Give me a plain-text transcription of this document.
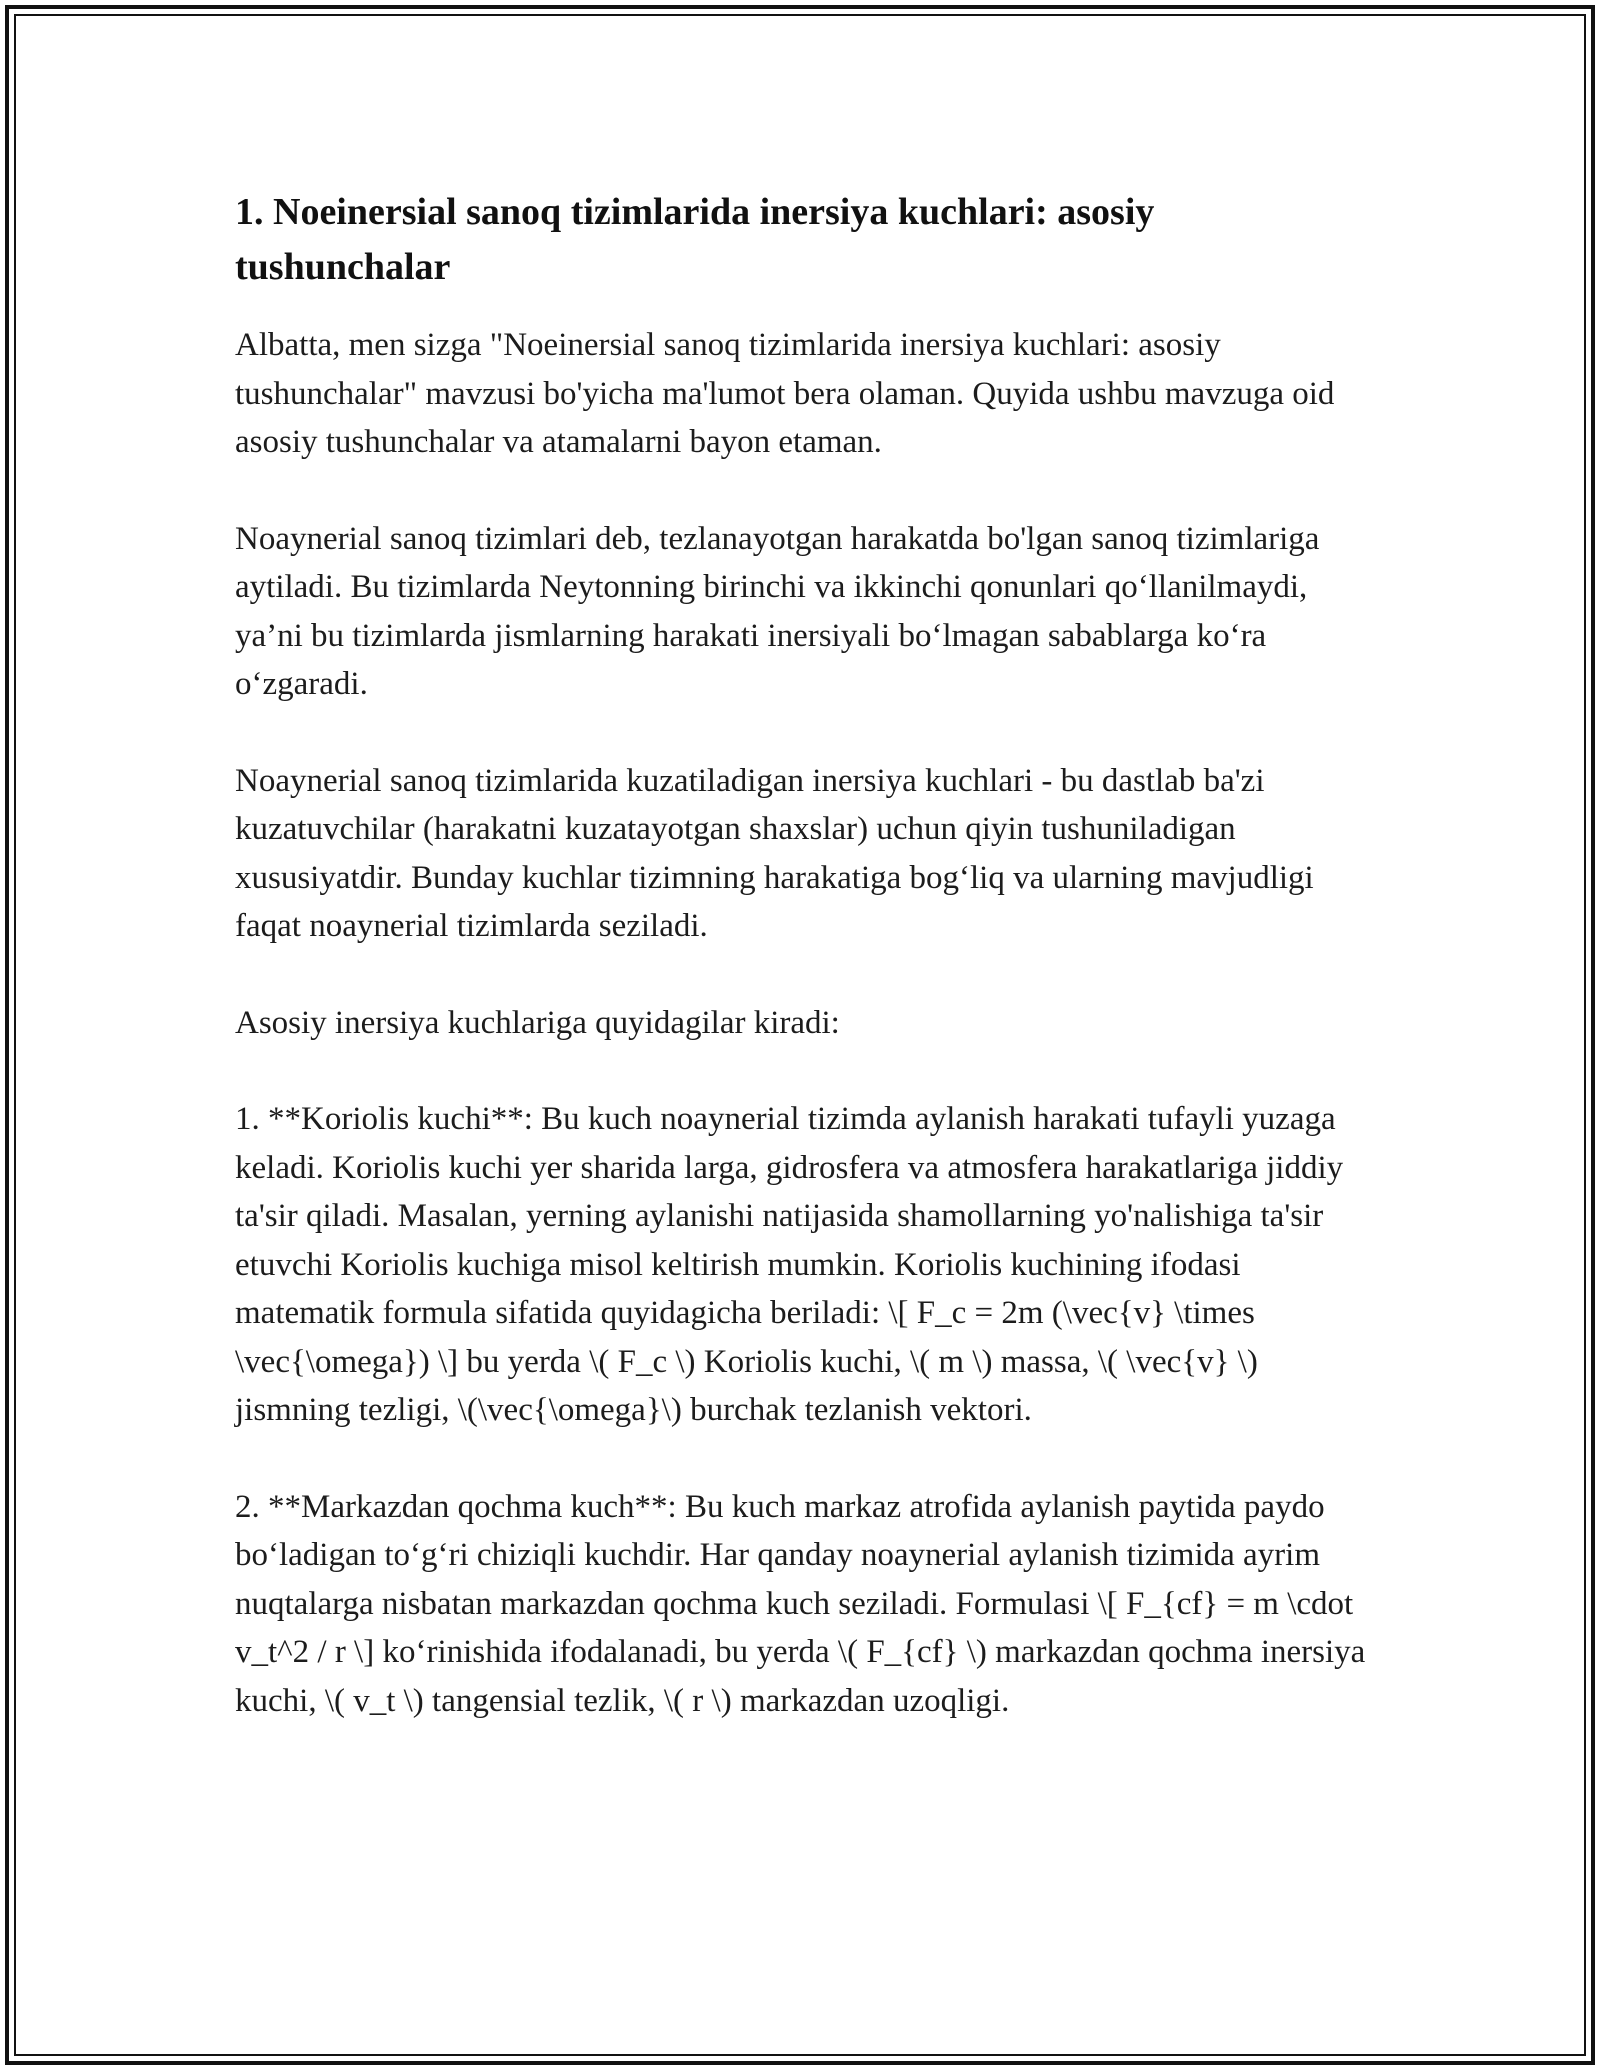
1. Noeinersial sanoq tizimlarida inersiya kuchlari: asosiy tushunchalar

Albatta, men sizga "Noeinersial sanoq tizimlarida inersiya kuchlari: asosiy tushunchalar" mavzusi bo'yicha ma'lumot bera olaman. Quyida ushbu mavzuga oid asosiy tushunchalar va atamalarni bayon etaman.

Noaynerial sanoq tizimlari deb, tezlanayotgan harakatda bo'lgan sanoq tizimlariga aytiladi. Bu tizimlarda Neytonning birinchi va ikkinchi qonunlari qo‘llanilmaydi, ya’ni bu tizimlarda jismlarning harakati inersiyali bo‘lmagan sabablarga ko‘ra o‘zgaradi.

Noaynerial sanoq tizimlarida kuzatiladigan inersiya kuchlari - bu dastlab ba'zi kuzatuvchilar (harakatni kuzatayotgan shaxslar) uchun qiyin tushuniladigan xususiyatdir. Bunday kuchlar tizimning harakatiga bog‘liq va ularning mavjudligi faqat noaynerial tizimlarda seziladi.

Asosiy inersiya kuchlariga quyidagilar kiradi:

1. **Koriolis kuchi**: Bu kuch noaynerial tizimda aylanish harakati tufayli yuzaga keladi. Koriolis kuchi yer sharida larga, gidrosfera va atmosfera harakatlariga jiddiy ta'sir qiladi. Masalan, yerning aylanishi natijasida shamollarning yo'nalishiga ta'sir etuvchi Koriolis kuchiga misol keltirish mumkin. Koriolis kuchining ifodasi matematik formula sifatida quyidagicha beriladi: \[ F_c = 2m (\vec{v} \times \vec{\omega}) \] bu yerda \( F_c \) Koriolis kuchi, \( m \) massa, \( \vec{v} \) jismning tezligi, \(\vec{\omega}\) burchak tezlanish vektori.

2. **Markazdan qochma kuch**: Bu kuch markaz atrofida aylanish paytida paydo bo‘ladigan to‘g‘ri chiziqli kuchdir. Har qanday noaynerial aylanish tizimida ayrim nuqtalarga nisbatan markazdan qochma kuch seziladi. Formulasi \[ F_{cf} = m \cdot v_t^2 / r \] ko‘rinishida ifodalanadi, bu yerda \( F_{cf} \) markazdan qochma inersiya kuchi, \( v_t \) tangensial tezlik, \( r \) markazdan uzoqligi.
